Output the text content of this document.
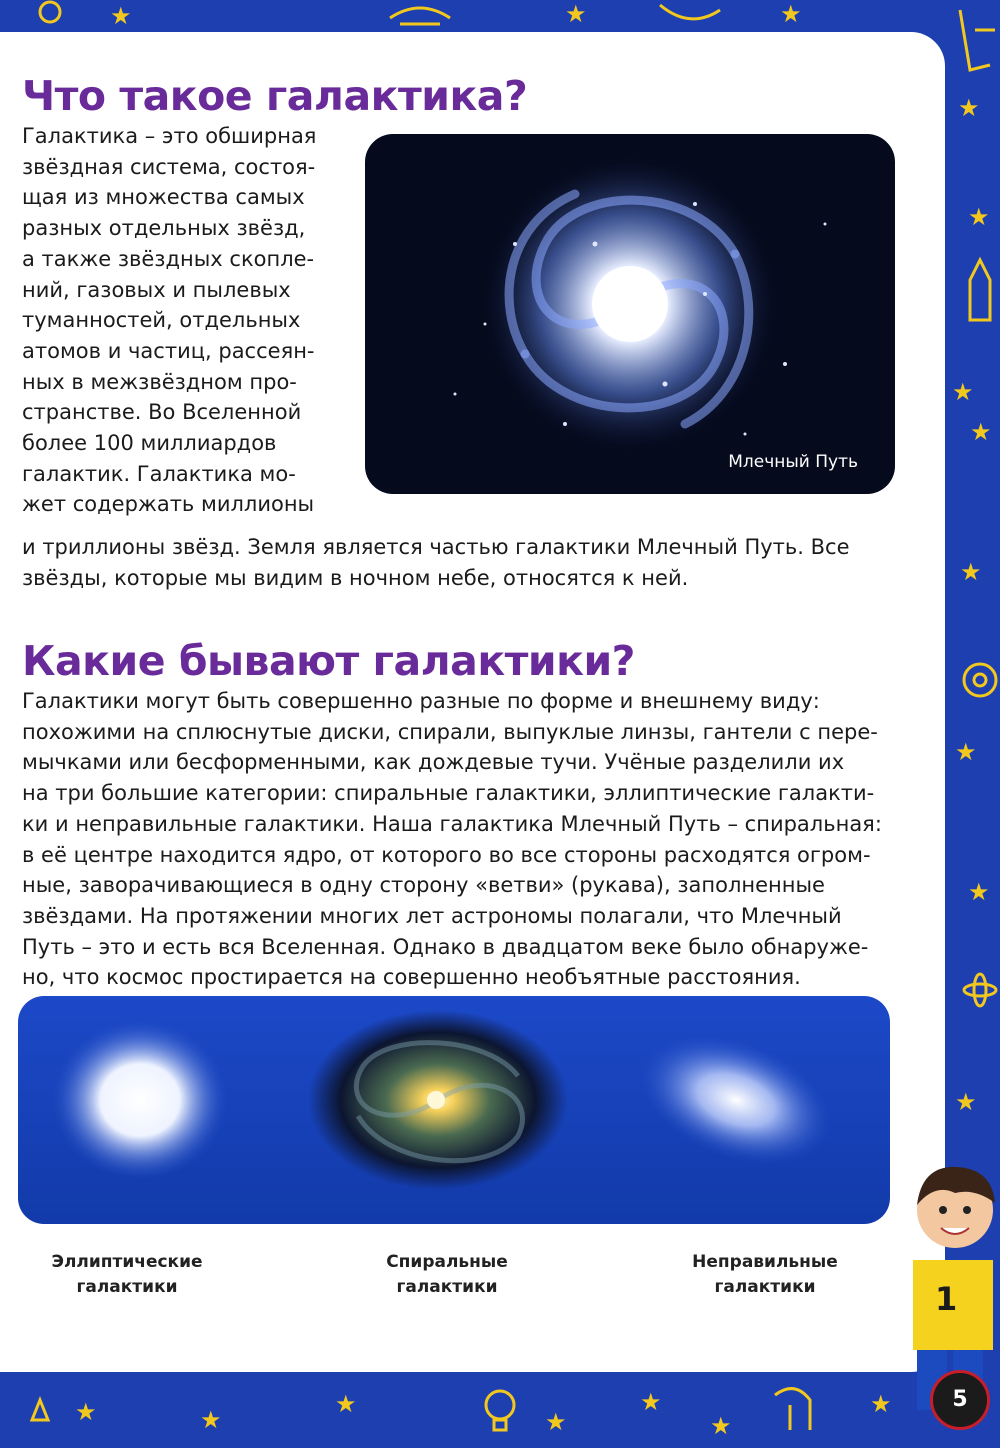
★
★
★
★
★
★
★
★
★	★	★
★	★
★
★
★
★
★
Что такое галактика?

Галактика – это обширная
звёздная система, состоя-
щая из множества самых
разных отдельных звёзд,
а также звёздных скопле-
ний, газовых и пылевых
туманностей, отдельных
атомов и частиц, рассеян-
ных в межзвёздном про-
странстве. Во Вселенной
более 100 миллиардов
галактик. Галактика мо-
жет содержать миллионы

и триллионы звёзд. Земля является частью галактики Млечный Путь. Все
звёзды, которые мы видим в ночном небе, относятся к ней.

Млечный Путь
Какие бывают галактики?

Галактики могут быть совершенно разные по форме и внешнему виду:
похожими на сплюснутые диски, спирали, выпуклые линзы, гантели с пере-
мычками или бесформенными, как дождевые тучи. Учёные разделили их
на три большие категории: спиральные галактики, эллиптические галакти-
ки и неправильные галактики. Наша галактика Млечный Путь – спиральная:
в её центре находится ядро, от которого во все стороны расходятся огром-
ные, заворачивающиеся в одну сторону «ветви» (рукава), заполненные
звёздами. На протяжении многих лет астрономы полагали, что Млечный
Путь – это и есть вся Вселенная. Однако в двадцатом веке было обнаруже-
но, что космос простирается на совершенно необъятные расстояния.

Эллиптические
галактики
Спиральные
галактики
Неправильные
галактики	1
5
